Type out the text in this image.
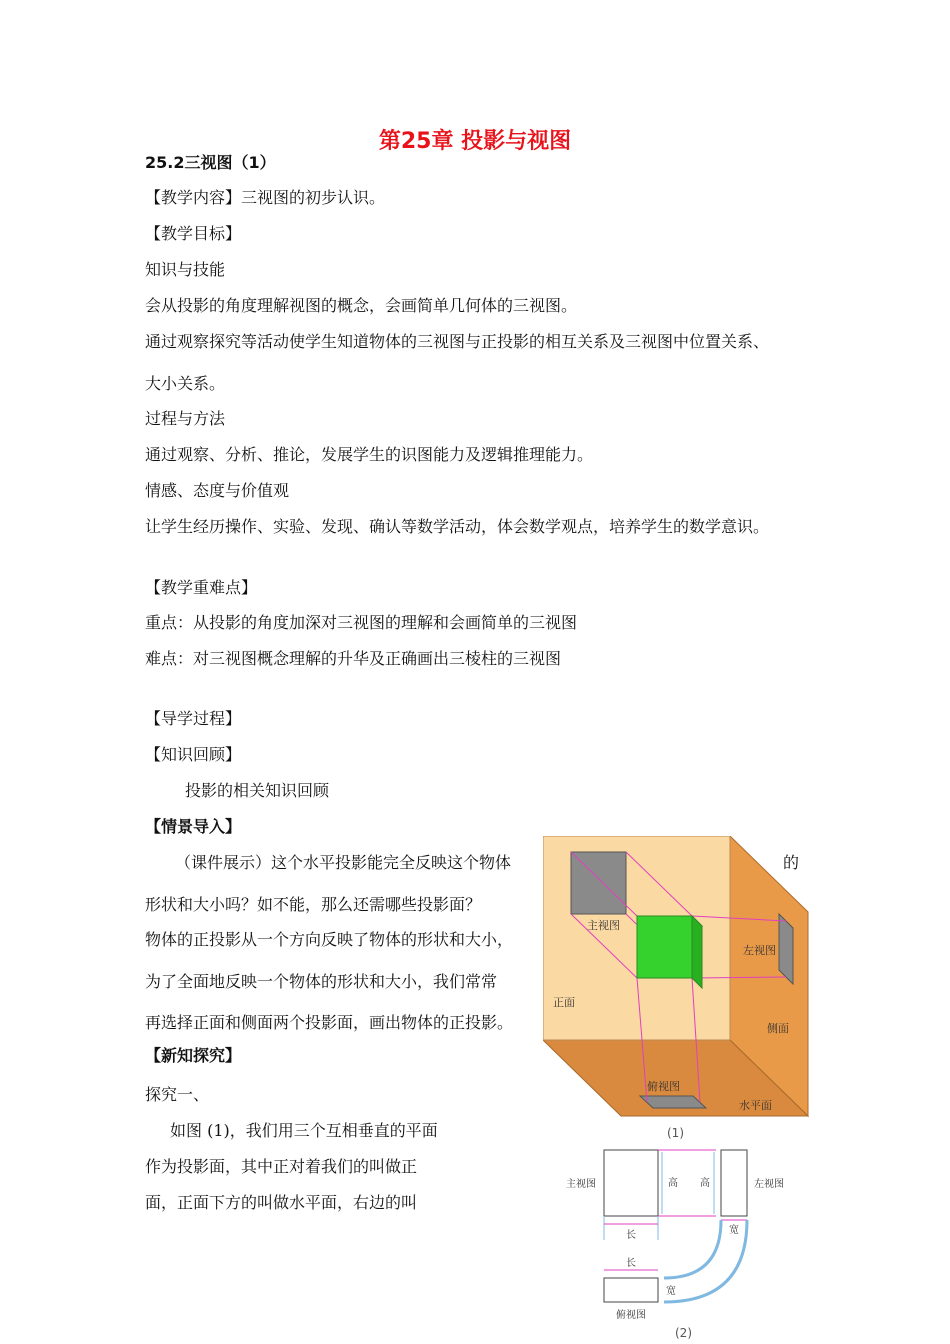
第25章 投影与视图
25.2三视图（1）
【教学内容】三视图的初步认识。
【教学目标】
知识与技能
会从投影的角度理解视图的概念，会画简单几何体的三视图。
通过观察探究等活动使学生知道物体的三视图与正投影的相互关系及三视图中位置关系、
大小关系。
过程与方法
通过观察、分析、推论，发展学生的识图能力及逻辑推理能力。
情感、态度与价值观
让学生经历操作、实验、发现、确认等数学活动，体会数学观点，培养学生的数学意识。
【教学重难点】
重点：从投影的角度加深对三视图的理解和会画简单的三视图
难点：对三视图概念理解的升华及正确画出三棱柱的三视图
【导学过程】
【知识回顾】
投影的相关知识回顾
【情景导入】
（课件展示）这个水平投影能完全反映这个物体	的
形状和大小吗？如不能，那么还需哪些投影面？
物体的正投影从一个方向反映了物体的形状和大小，
为了全面地反映一个物体的形状和大小，我们常常
再选择正面和侧面两个投影面，画出物体的正投影。
【新知探究】
探究一、
如图 (1)，我们用三个互相垂直的平面
作为投影面，其中正对着我们的叫做正
面，正面下方的叫做水平面，右边的叫
主视图
左视图
俯视图
正面
侧面
水平面
(1)
主视图	左视图
高 高
长	宽
长
宽
俯视图
(2)
